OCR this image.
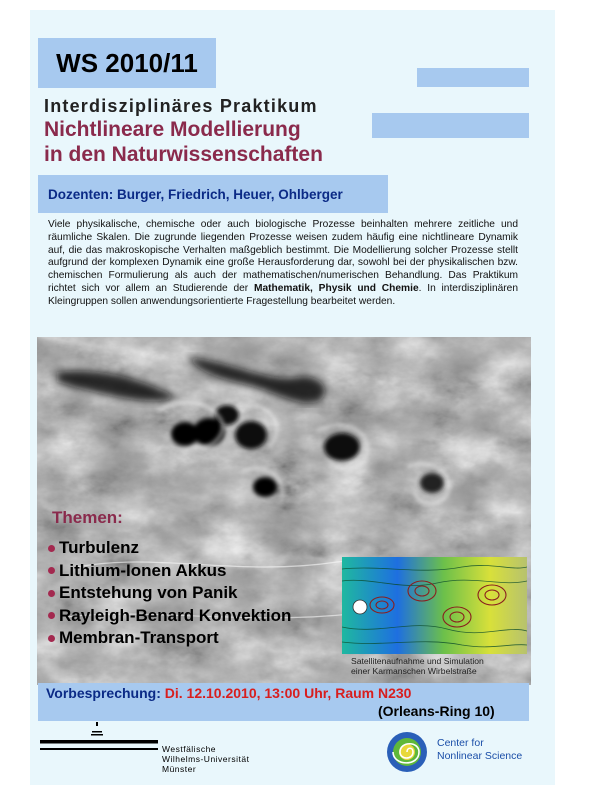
WS 2010/11
Interdisziplinäres Praktikum
Nichtlineare Modellierung
in den Naturwissenschaften
Dozenten: Burger, Friedrich, Heuer, Ohlberger
Viele physikalische, chemische oder auch biologische Prozesse beinhalten mehrere zeitliche und räumliche Skalen. Die zugrunde liegenden Prozesse weisen zudem häufig eine nichtlineare Dynamik auf, die das makroskopische Verhalten maßgeblich bestimmt. Die Modellierung solcher Prozesse stellt aufgrund der komplexen Dynamik eine große Herausforderung dar, sowohl bei der physikalischen bzw. chemischen Formulierung als auch der mathematischen/numerischen Behandlung. Das Praktikum richtet sich vor allem an Studierende der Mathematik, Physik und Chemie. In interdisziplinären Kleingruppen sollen anwendungsorientierte Fragestellung bearbeitet werden.
Themen:
Turbulenz
Lithium-Ionen Akkus
Entstehung von Panik
Rayleigh-Benard Konvektion
Membran-Transport
Satellitenaufnahme und Simulation
einer Karmanschen Wirbelstraße
Vorbesprechung: Di. 12.10.2010, 13:00 Uhr, Raum N230
(Orleans-Ring 10)
Westfälische
Wilhelms-Universität
Münster
Center for
Nonlinear Science
